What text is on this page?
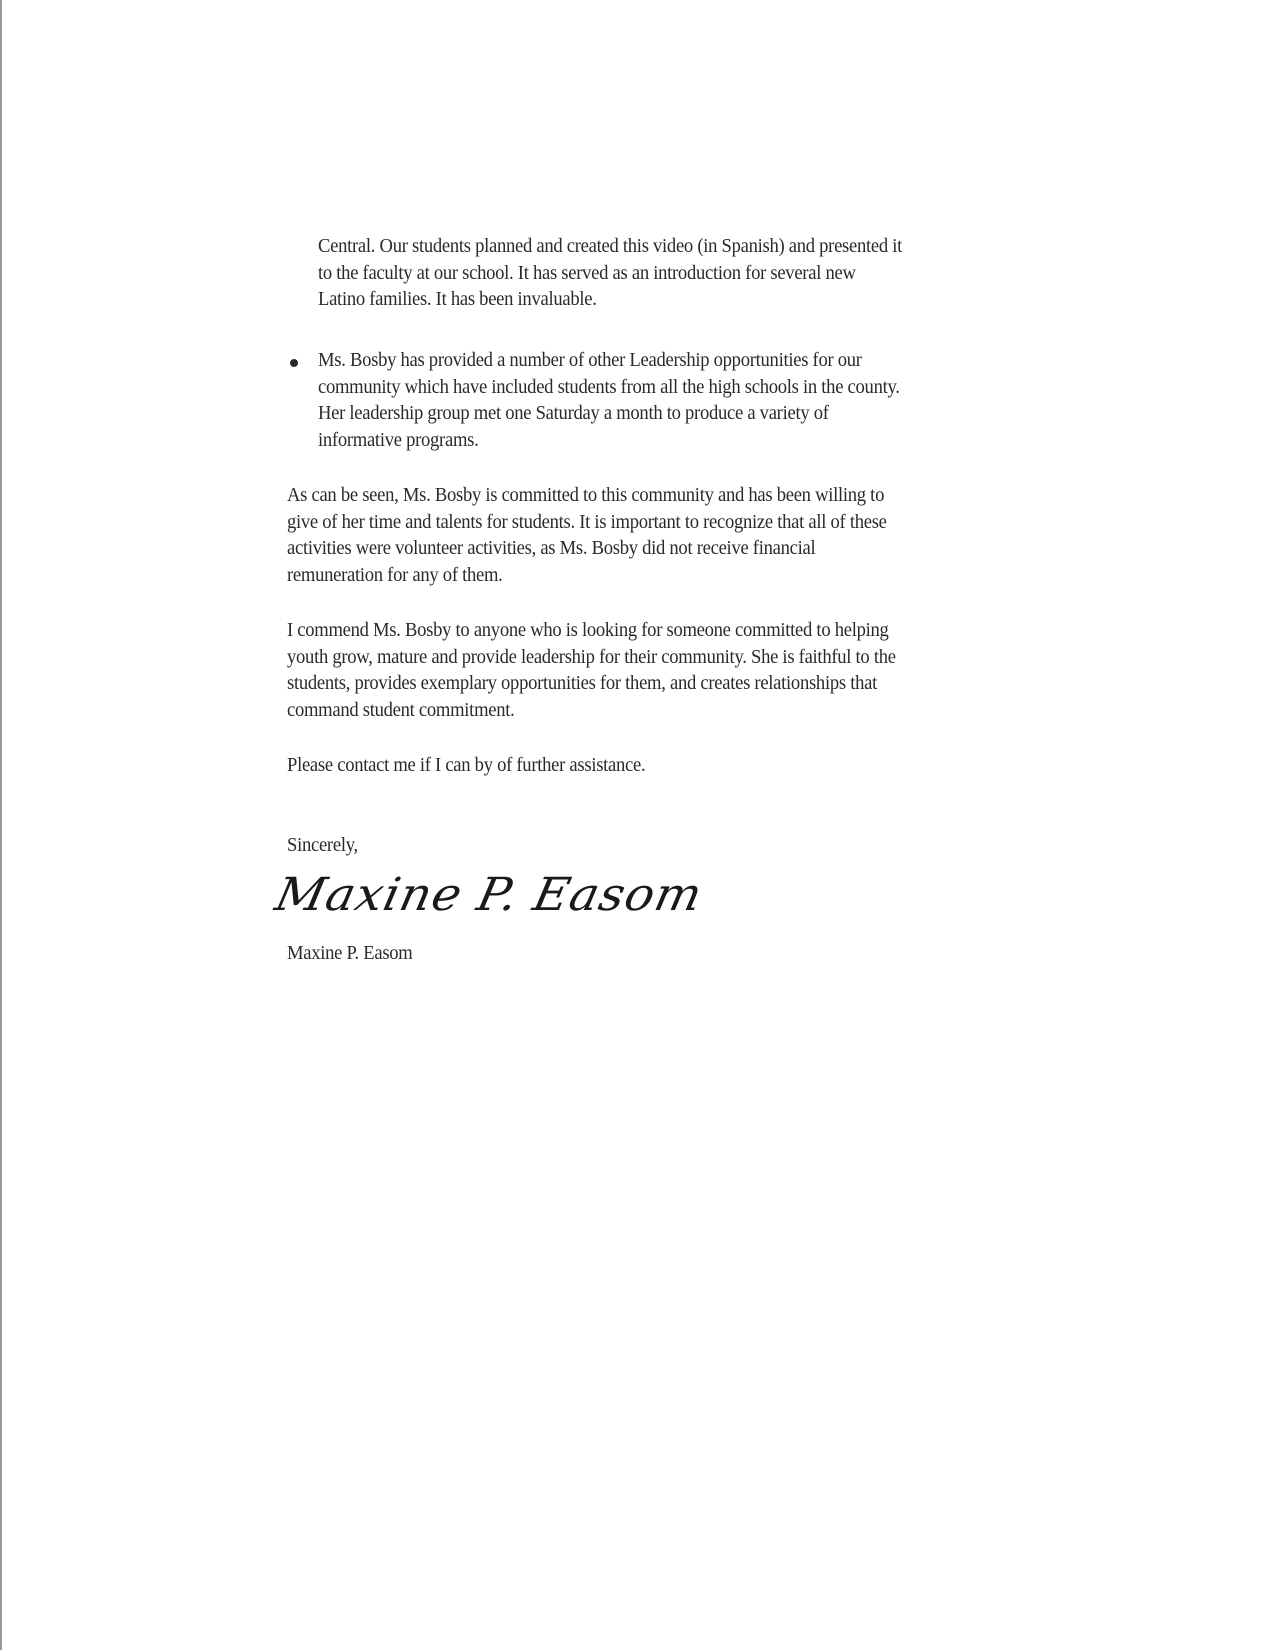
Central. Our students planned and created this video (in Spanish) and presented it

to the faculty at our school. It has served as an introduction for several new

Latino families. It has been invaluable.

Ms. Bosby has provided a number of other Leadership opportunities for our

community which have included students from all the high schools in the county.

Her leadership group met one Saturday a month to produce a variety of

informative programs.

As can be seen, Ms. Bosby is committed to this community and has been willing to

give of her time and talents for students. It is important to recognize that all of these

activities were volunteer activities, as Ms. Bosby did not receive financial

remuneration for any of them.

I commend Ms. Bosby to anyone who is looking for someone committed to helping

youth grow, mature and provide leadership for their community. She is faithful to the

students, provides exemplary opportunities for them, and creates relationships that

command student commitment.

Please contact me if I can by of further assistance.

Sincerely,

Maxine P. Easom

Maxine P. Easom
